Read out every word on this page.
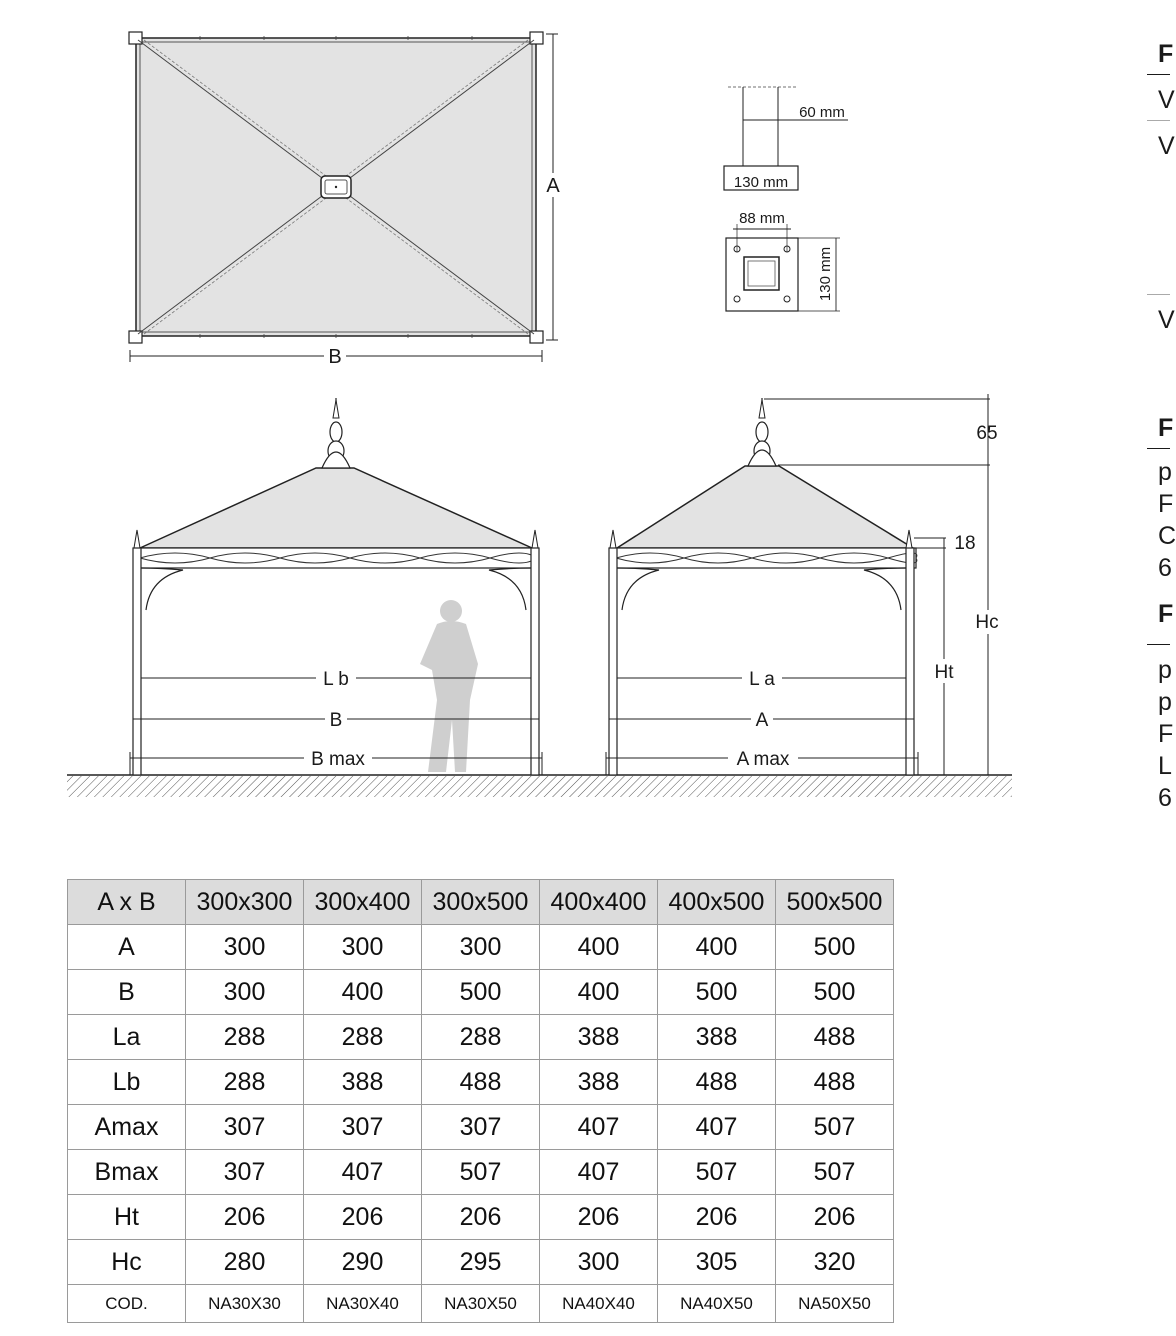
A
B
60 mm
130 mm
88 mm
130 mm
L b
B
B max
L a
A
A max
65
Hc
18
Ht
F
V
V
V
F
p
F
C
6
F
p
p
F
L
6
A x B	300x300	300x400	300x500	400x400	400x500	500x500
A	300	300	300	400	400	500
B	300	400	500	400	500	500
La	288	288	288	388	388	488
Lb	288	388	488	388	488	488
Amax	307	307	307	407	407	507
Bmax	307	407	507	407	507	507
Ht	206	206	206	206	206	206
Hc	280	290	295	300	305	320
COD.	NA30X30	NA30X40	NA30X50	NA40X40	NA40X50	NA50X50
